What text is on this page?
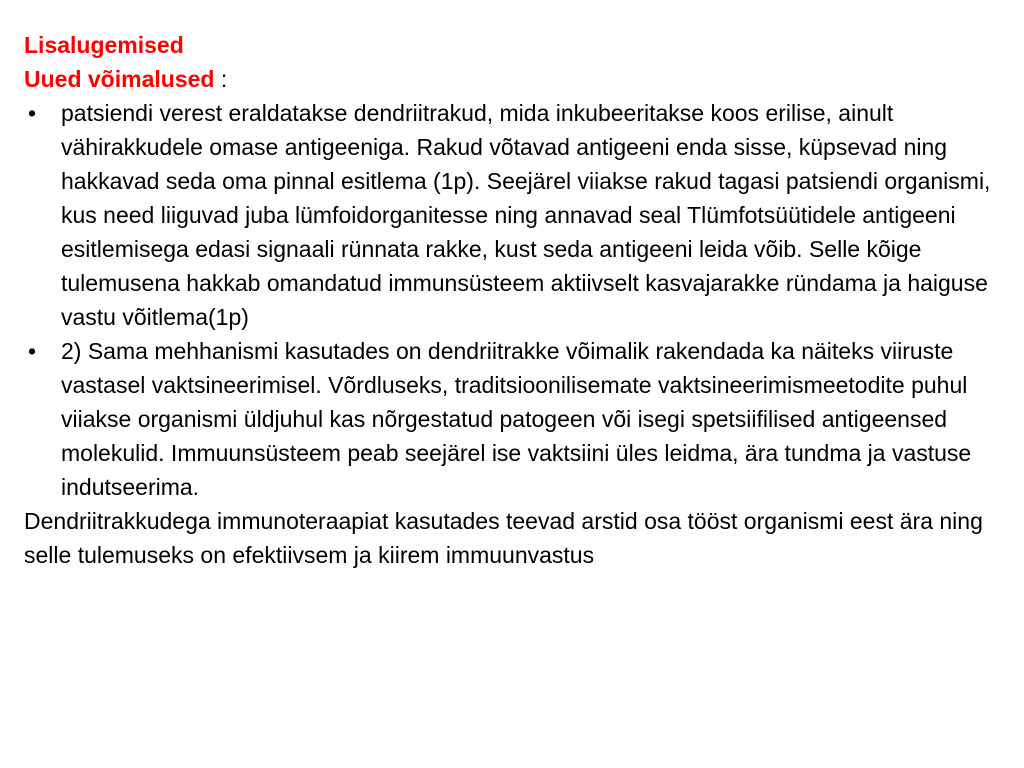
Lisalugemised
Uued võimalused :
• patsiendi verest eraldatakse dendriitrakud, mida inkubeeritakse koos erilise, ainult vähirakkudele omase antigeeniga. Rakud võtavad antigeeni enda sisse, küpsevad ning hakkavad seda oma pinnal esitlema (1p). Seejärel viiakse rakud tagasi patsiendi organismi, kus need liiguvad juba lümfoidorganitesse ning annavad seal Tlümfotsüütidele antigeeni esitlemisega edasi signaali rünnata rakke, kust seda antigeeni leida võib. Selle kõige tulemusena hakkab omandatud immunsüsteem aktiivselt kasvajarakke ründama ja haiguse vastu võitlema(1p)
• 2) Sama mehhanismi kasutades on dendriitrakke võimalik rakendada ka näiteks viiruste vastasel vaktsineerimisel. Võrdluseks, traditsioonilisemate vaktsineerimismeetodite puhul viiakse organismi üldjuhul kas nõrgestatud patogeen või isegi spetsiifilised antigeensed molekulid. Immuunsüsteem peab seejärel ise vaktsiini üles leidma, ära tundma ja vastuse indutseerima.

Dendriitrakkudega immunoteraapiat kasutades teevad arstid osa tööst organismi eest ära ning selle tulemuseks on efektiivsem ja kiirem immuunvastus
